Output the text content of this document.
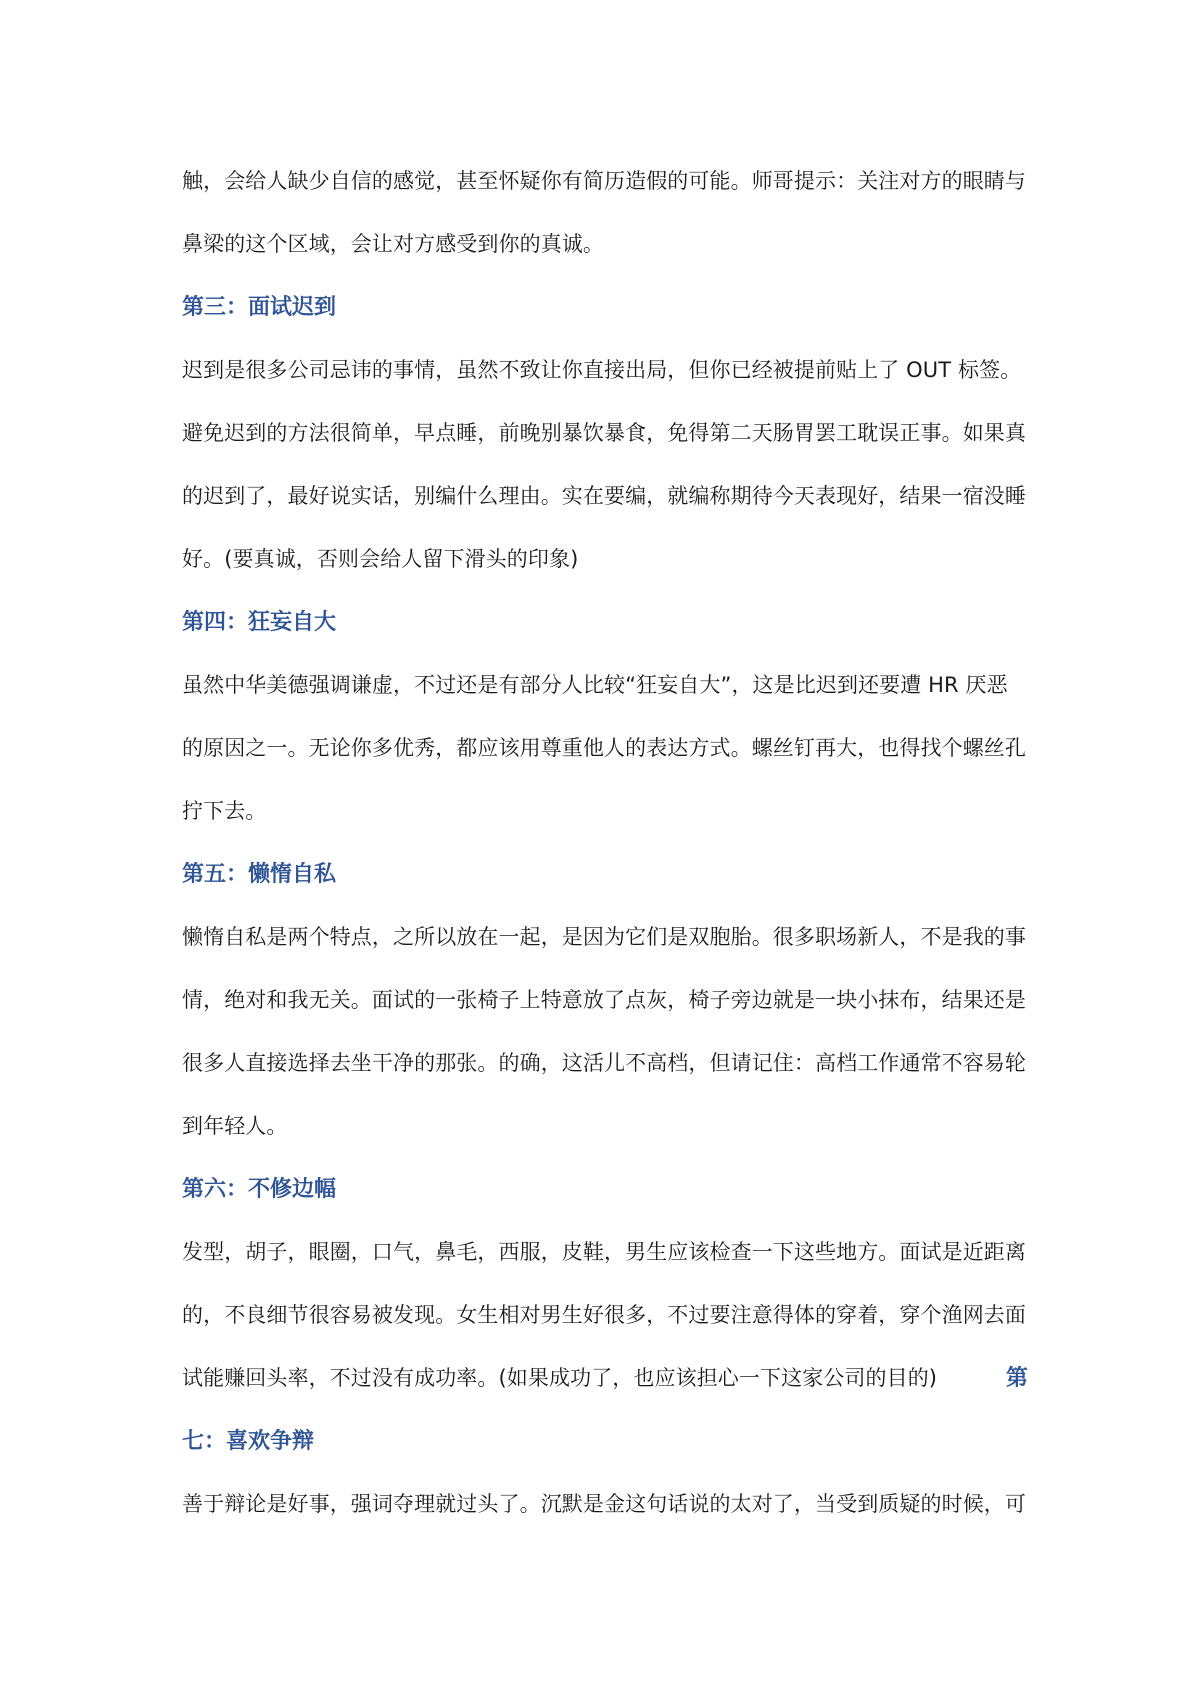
触，会给人缺少自信的感觉，甚至怀疑你有简历造假的可能。师哥提示：关注对方的眼睛与
鼻梁的这个区域，会让对方感受到你的真诚。
第三：面试迟到
迟到是很多公司忌讳的事情，虽然不致让你直接出局，但你已经被提前贴上了 OUT 标签。
避免迟到的方法很简单，早点睡，前晚别暴饮暴食，免得第二天肠胃罢工耽误正事。如果真
的迟到了，最好说实话，别编什么理由。实在要编，就编称期待今天表现好，结果一宿没睡
好。(要真诚，否则会给人留下滑头的印象)
第四：狂妄自大
虽然中华美德强调谦虚，不过还是有部分人比较“狂妄自大”，这是比迟到还要遭 HR 厌恶
的原因之一。无论你多优秀，都应该用尊重他人的表达方式。螺丝钉再大，也得找个螺丝孔
拧下去。
第五：懒惰自私
懒惰自私是两个特点，之所以放在一起，是因为它们是双胞胎。很多职场新人，不是我的事
情，绝对和我无关。面试的一张椅子上特意放了点灰，椅子旁边就是一块小抹布，结果还是
很多人直接选择去坐干净的那张。的确，这活儿不高档，但请记住：高档工作通常不容易轮
到年轻人。
第六：不修边幅
发型，胡子，眼圈，口气，鼻毛，西服，皮鞋，男生应该检查一下这些地方。面试是近距离
的，不良细节很容易被发现。女生相对男生好很多，不过要注意得体的穿着，穿个渔网去面
试能赚回头率，不过没有成功率。(如果成功了，也应该担心一下这家公司的目的)	第
七：喜欢争辩
善于辩论是好事，强词夺理就过头了。沉默是金这句话说的太对了，当受到质疑的时候，可
